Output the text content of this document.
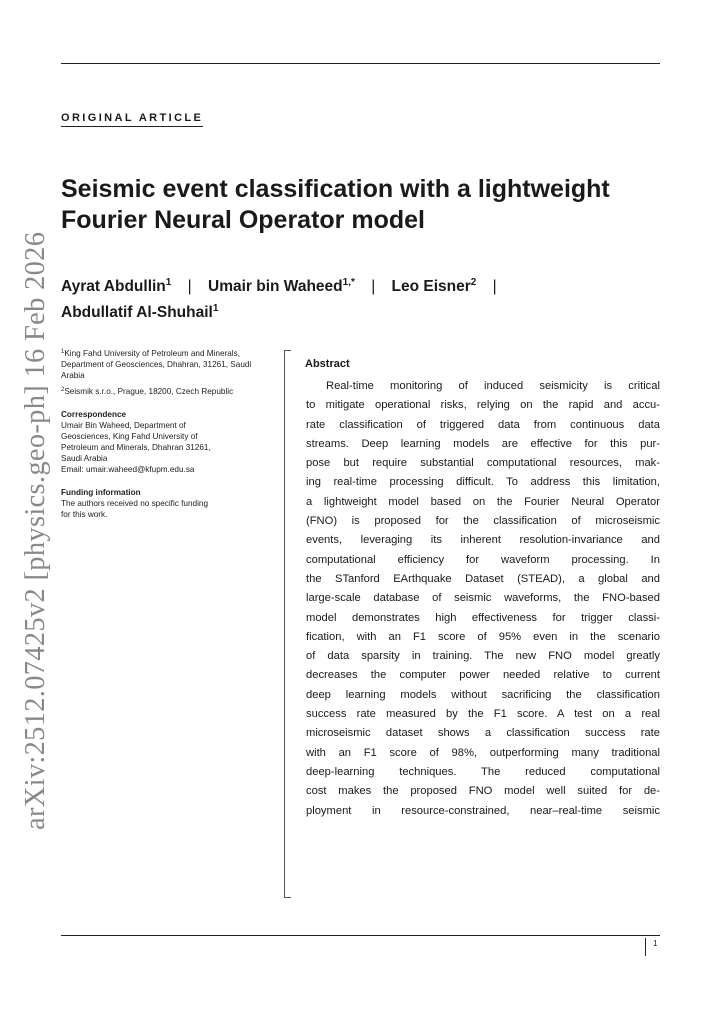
arXiv:2512.07425v2 [physics.geo-ph] 16 Feb 2026
ORIGINAL ARTICLE
Seismic event classification with a lightweight
Fourier Neural Operator model
Ayrat Abdullin$^1$ | Umair bin Waheed$^{1,*}$ | Leo Eisner$^2$ |
Abdullatif Al-Shuhail$^1$
$^1$King Fahd University of Petroleum and Minerals, Department of Geosciences, Dhahran, 31261, Saudi Arabia
$^2$Seismik s.r.o., Prague, 18200, Czech Republic
Correspondence
Umair Bin Waheed, Department of
Geosciences, King Fahd University of
Petroleum and Minerals, Dhahran 31261,
Saudi Arabia
Email: umair.waheed@kfupm.edu.sa
Funding information
The authors received no specific funding
for this work.
Abstract
Real-time monitoring of induced seismicity is critical
to mitigate operational risks, relying on the rapid and accu-
rate classification of triggered data from continuous data
streams. Deep learning models are effective for this pur-
pose but require substantial computational resources, mak-
ing real-time processing difficult. To address this limitation,
a lightweight model based on the Fourier Neural Operator
(FNO) is proposed for the classification of microseismic
events, leveraging its inherent resolution-invariance and
computational efficiency for waveform processing. In
the STanford EArthquake Dataset (STEAD), a global and
large-scale database of seismic waveforms, the FNO-based
model demonstrates high effectiveness for trigger classi-
fication, with an F1 score of 95% even in the scenario
of data sparsity in training. The new FNO model greatly
decreases the computer power needed relative to current
deep learning models without sacrificing the classification
success rate measured by the F1 score. A test on a real
microseismic dataset shows a classification success rate
with an F1 score of 98%, outperforming many traditional
deep-learning techniques. The reduced computational
cost makes the proposed FNO model well suited for de-
ployment in resource-constrained, near–real-time seismic
1
